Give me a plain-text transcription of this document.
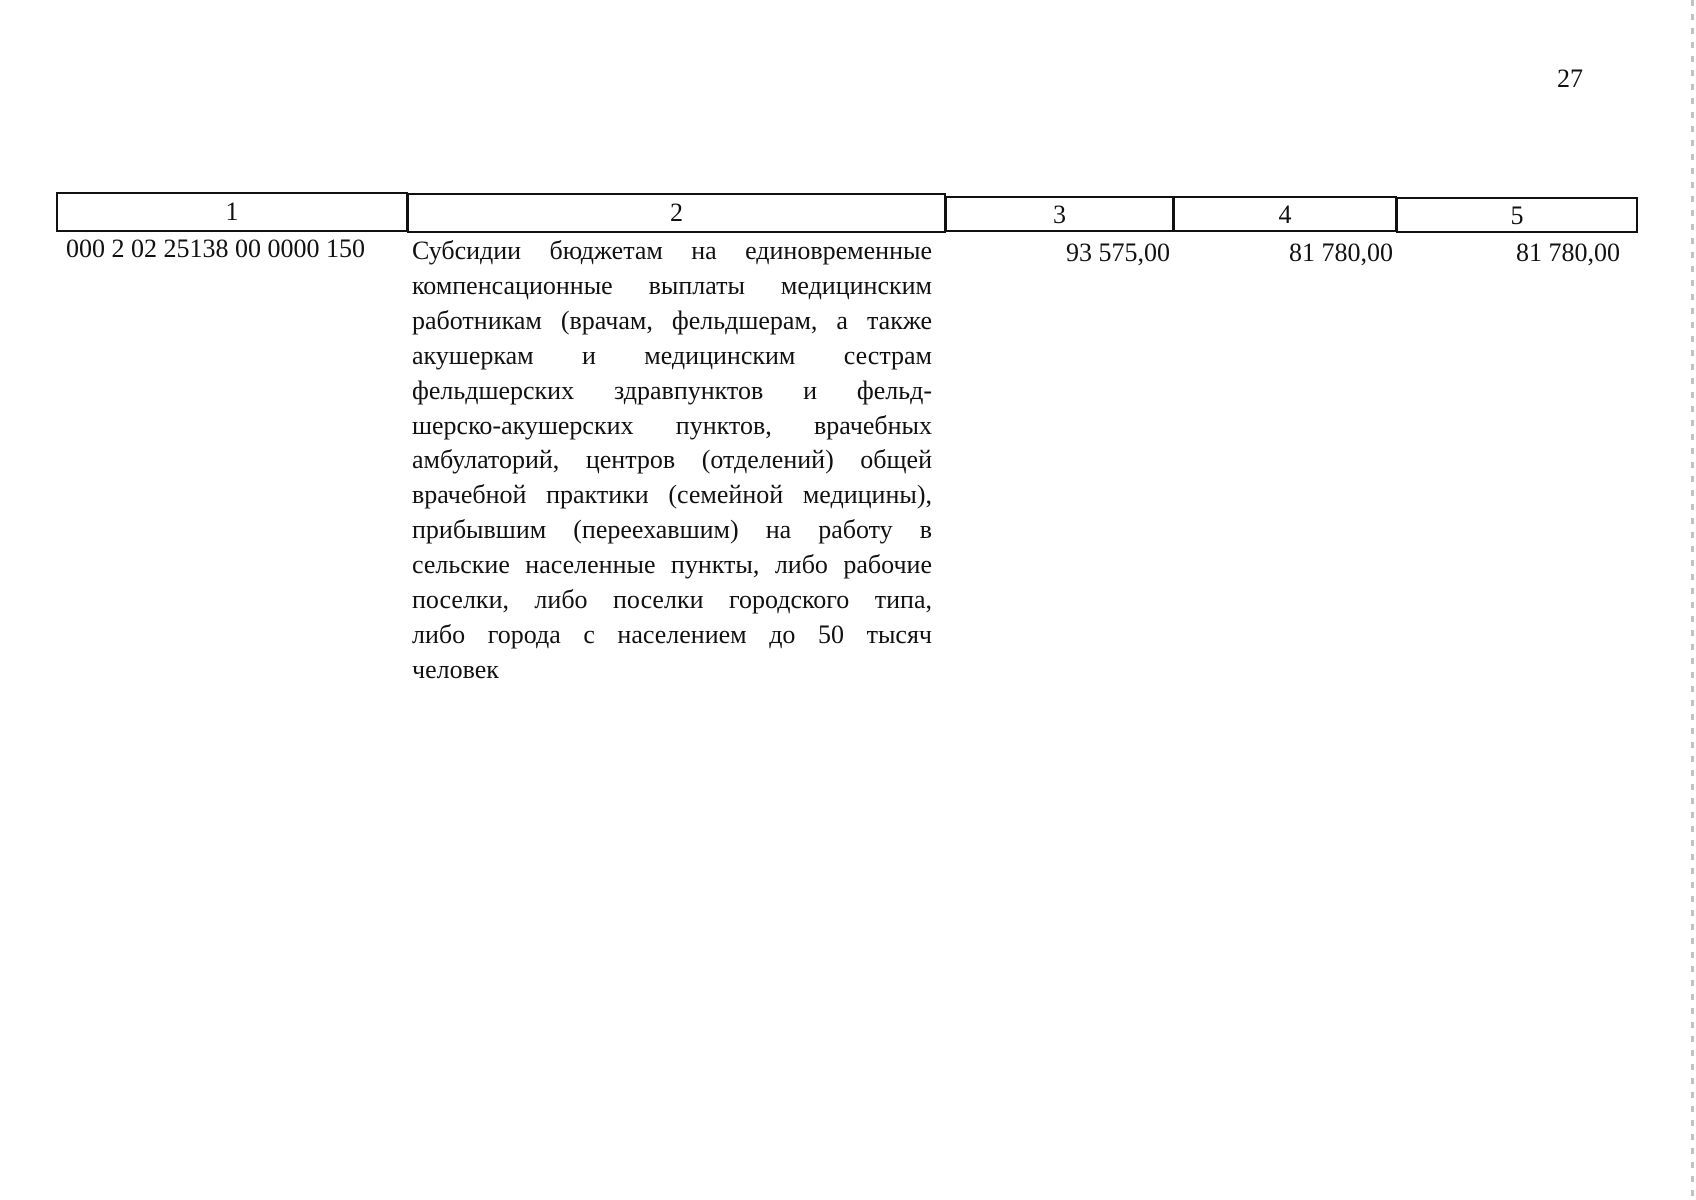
27
1	2	3	4	5
000 2 02 25138 00 0000 150	Субсидии бюджетам на единовременные
компенсационные выплаты медицинским
работникам (врачам, фельдшерам, а также
акушеркам и медицинским сестрам
фельдшерских здравпунктов и фельд-
шерско-акушерских пунктов, врачебных
амбулаторий, центров (отделений) общей
врачебной практики (семейной медицины),
прибывшим (переехавшим) на работу в
сельские населенные пункты, либо рабочие
поселки, либо поселки городского типа,
либо города с населением до 50 тысяч
человек
93 575,00	81 780,00	81 780,00
